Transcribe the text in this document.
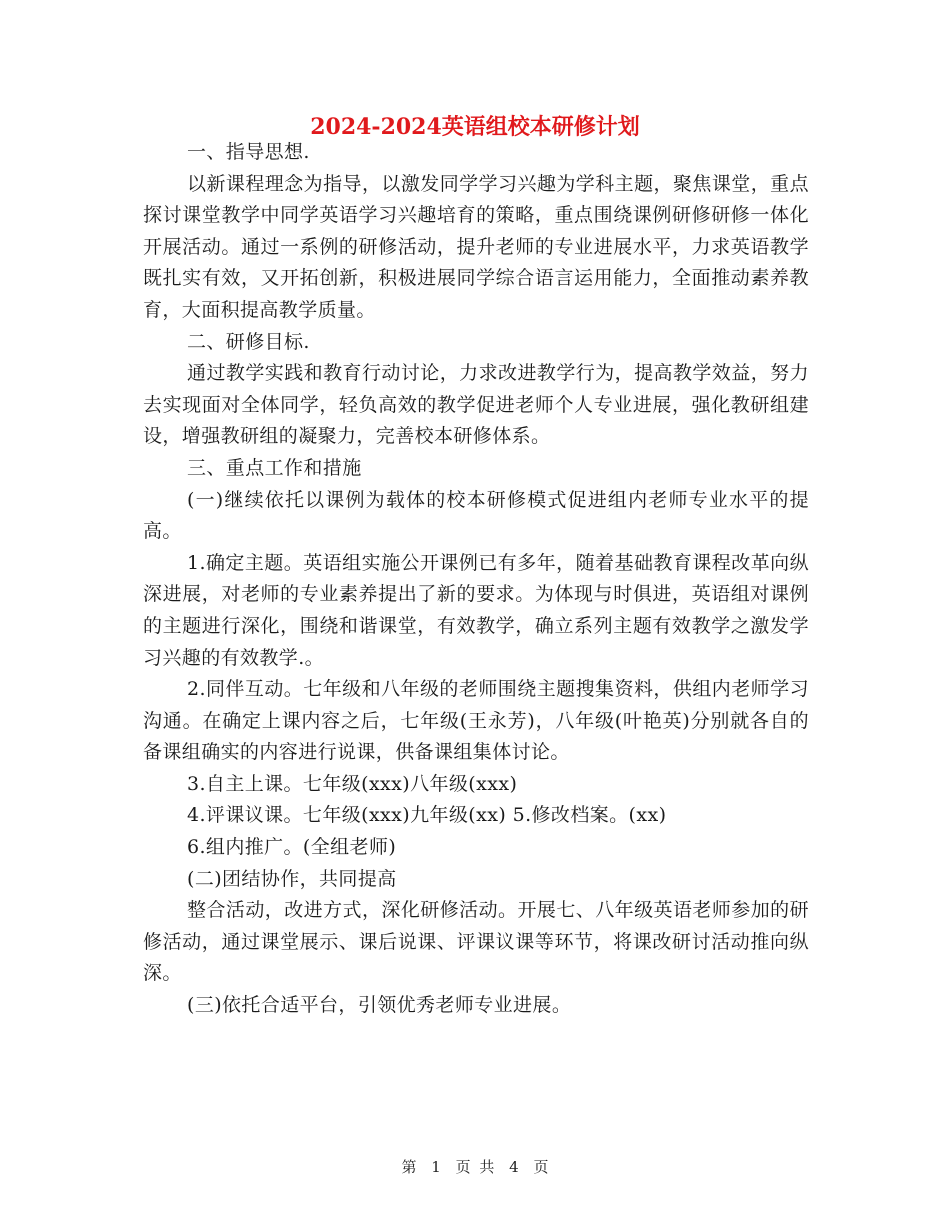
2024-2024英语组校本研修计划

一、指导思想.

以新课程理念为指导，以激发同学学习兴趣为学科主题，聚焦课堂，重点探讨课堂教学中同学英语学习兴趣培育的策略，重点围绕课例研修研修一体化开展活动。通过一系例的研修活动，提升老师的专业进展水平，力求英语教学既扎实有效，又开拓创新，积极进展同学综合语言运用能力，全面推动素养教育，大面积提高教学质量。

二、研修目标.

通过教学实践和教育行动讨论，力求改进教学行为，提高教学效益，努力去实现面对全体同学，轻负高效的教学促进老师个人专业进展，强化教研组建设，增强教研组的凝聚力，完善校本研修体系。

三、重点工作和措施

(一)继续依托以课例为载体的校本研修模式促进组内老师专业水平的提高。

1.确定主题。英语组实施公开课例已有多年，随着基础教育课程改革向纵深进展，对老师的专业素养提出了新的要求。为体现与时俱进，英语组对课例的主题进行深化，围绕和谐课堂，有效教学，确立系列主题有效教学之激发学习兴趣的有效教学.。

2.同伴互动。七年级和八年级的老师围绕主题搜集资料，供组内老师学习沟通。在确定上课内容之后，七年级(王永芳)，八年级(叶艳英)分别就各自的备课组确实的内容进行说课，供备课组集体讨论。

3.自主上课。七年级(xxx)八年级(xxx)

4.评课议课。七年级(xxx)九年级(xx) 5.修改档案。(xx)

6.组内推广。(全组老师)

(二)团结协作，共同提高

整合活动，改进方式，深化研修活动。开展七、八年级英语老师参加的研修活动，通过课堂展示、课后说课、评课议课等环节，将课改研讨活动推向纵深。

(三)依托合适平台，引领优秀老师专业进展。

第 1 页 共 4 页
